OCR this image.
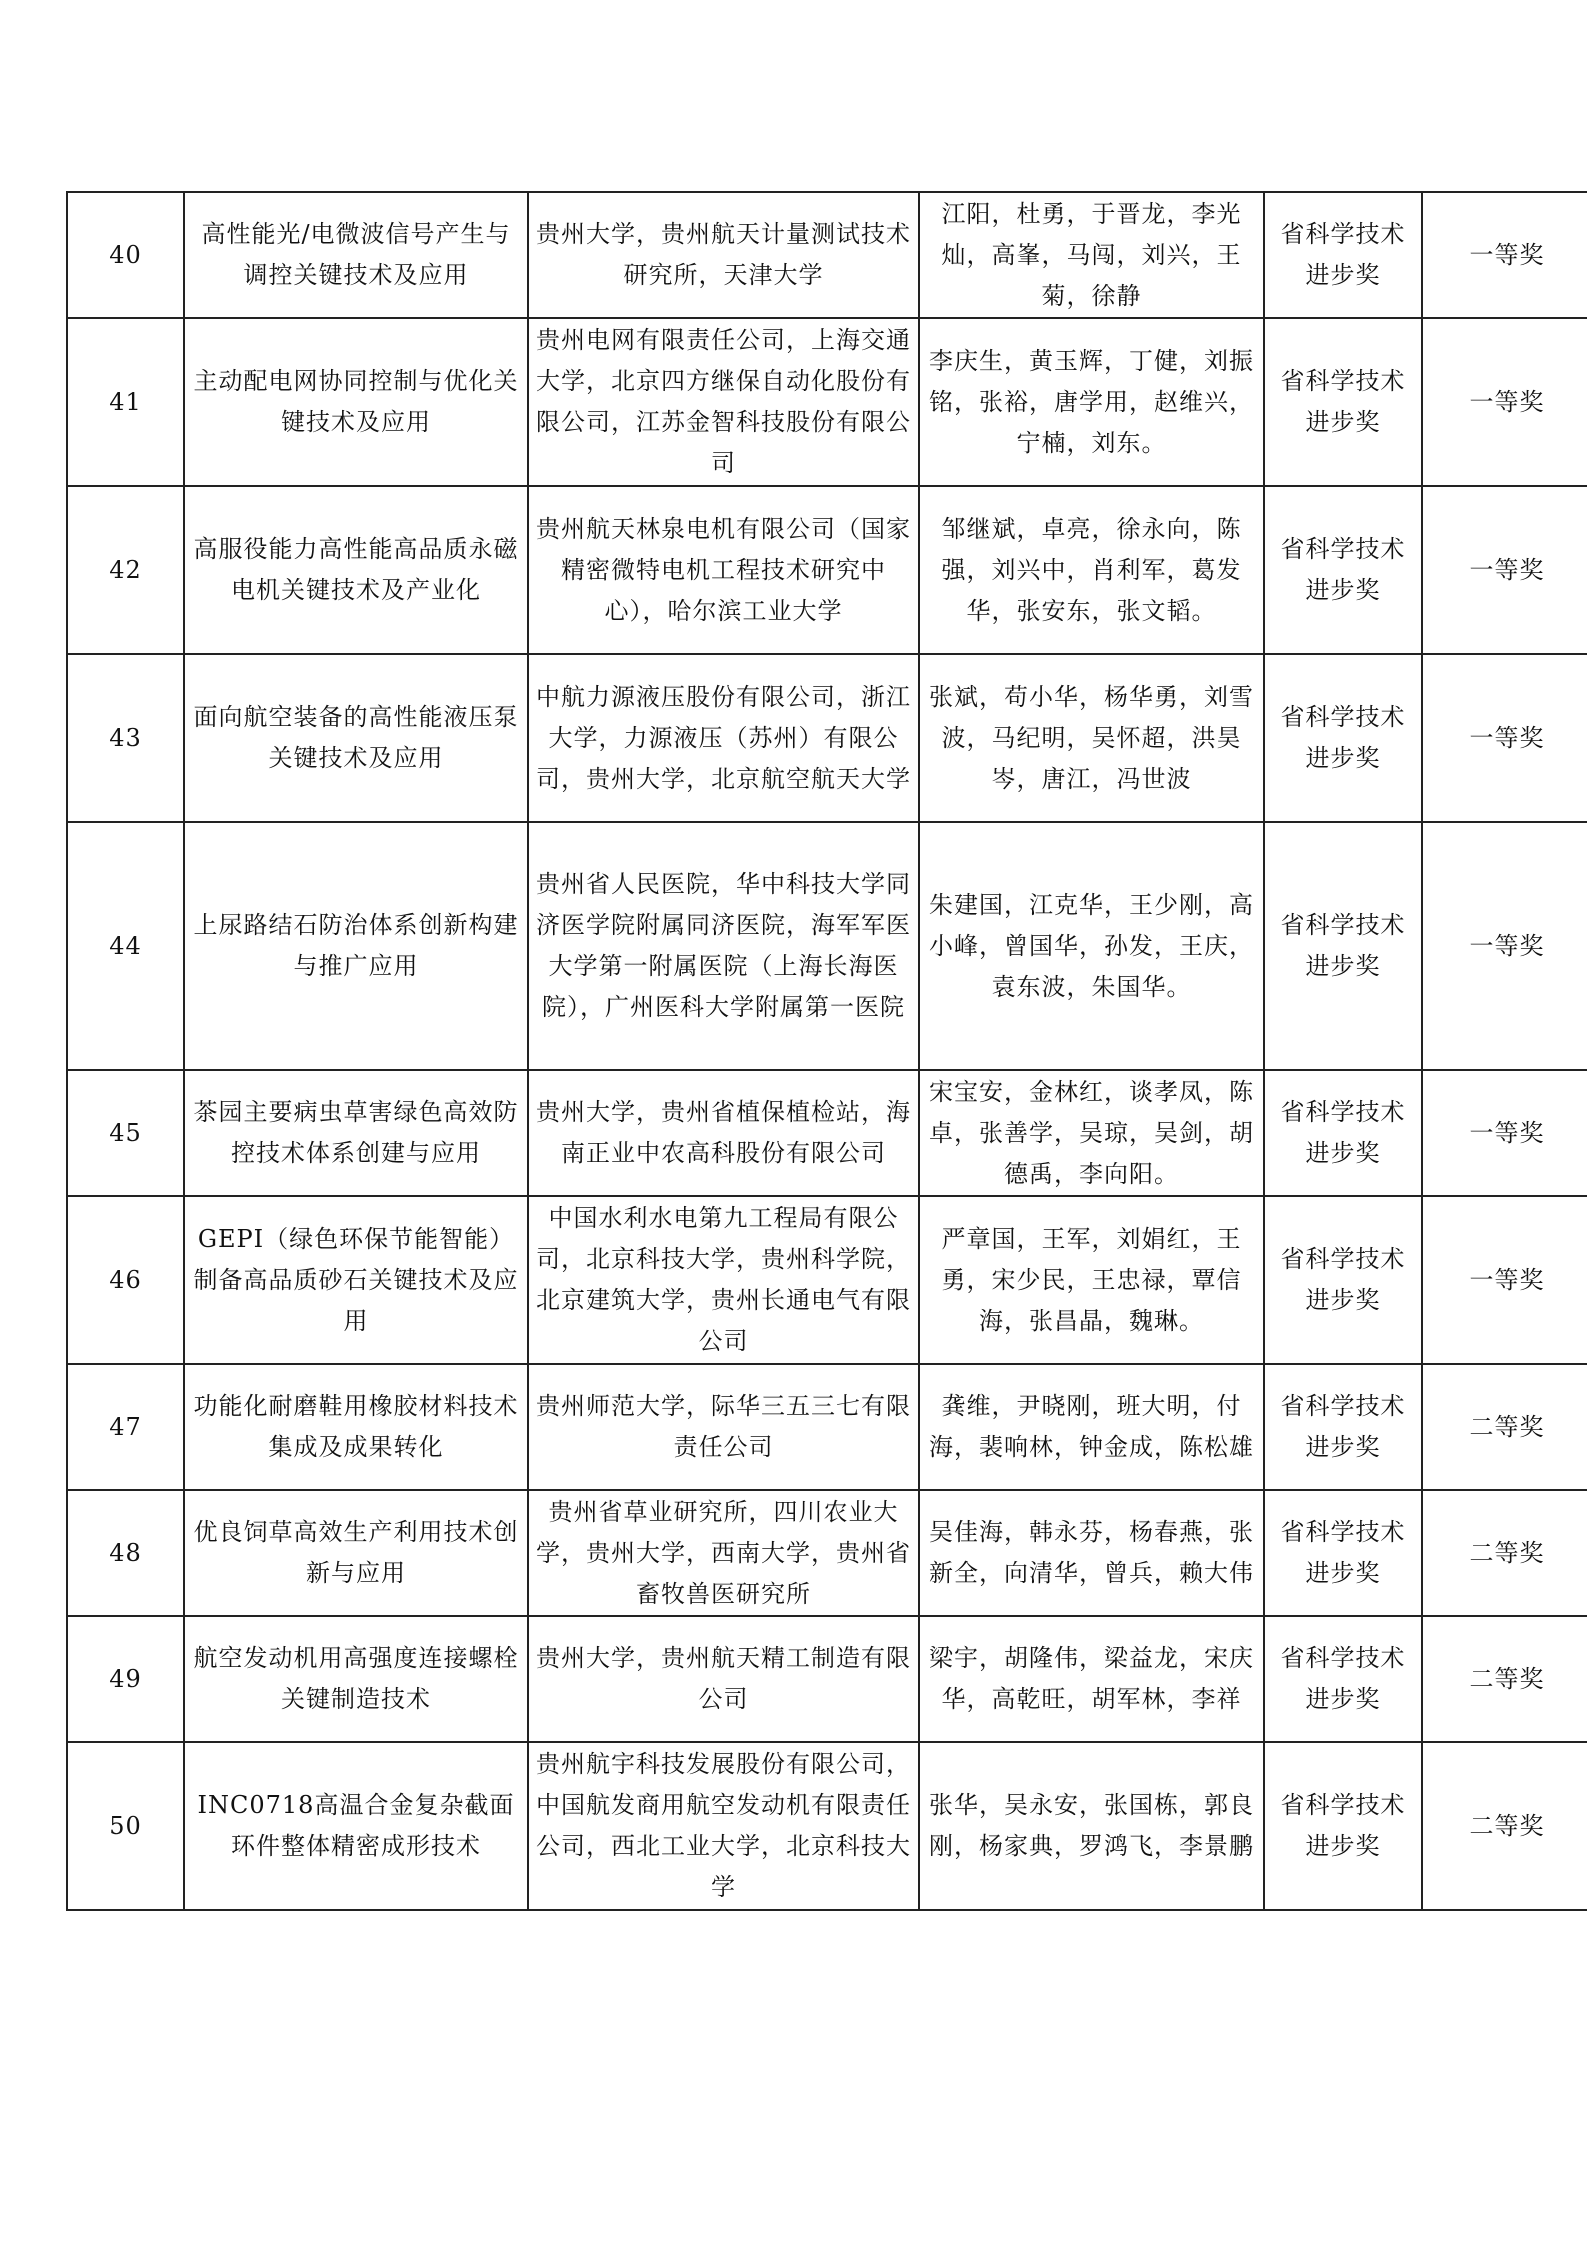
40	高性能光/电微波信号产生与调控关键技术及应用	贵州大学，贵州航天计量测试技术研究所，天津大学	江阳，杜勇，于晋龙，李光灿，高峯，马闯，刘兴，王菊，徐静	省科学技术进步奖	一等奖
41	主动配电网协同控制与优化关键技术及应用	贵州电网有限责任公司，上海交通大学，北京四方继保自动化股份有限公司，江苏金智科技股份有限公司	李庆生，黄玉辉，丁健，刘振铭，张裕，唐学用，赵维兴，宁楠，刘东。	省科学技术进步奖	一等奖
42	高服役能力高性能高品质永磁电机关键技术及产业化	贵州航天林泉电机有限公司（国家精密微特电机工程技术研究中心），哈尔滨工业大学	邹继斌，卓亮，徐永向，陈强，刘兴中，肖利军，葛发华，张安东，张文韬。	省科学技术进步奖	一等奖
43	面向航空装备的高性能液压泵关键技术及应用	中航力源液压股份有限公司，浙江大学，力源液压（苏州）有限公司，贵州大学，北京航空航天大学	张斌，苟小华，杨华勇，刘雪波，马纪明，吴怀超，洪昊岑，唐江，冯世波	省科学技术进步奖	一等奖
44	上尿路结石防治体系创新构建与推广应用	贵州省人民医院，华中科技大学同济医学院附属同济医院，海军军医大学第一附属医院（上海长海医院），广州医科大学附属第一医院	朱建国，江克华，王少刚，高小峰，曾国华，孙发，王庆，袁东波，朱国华。	省科学技术进步奖	一等奖
45	茶园主要病虫草害绿色高效防控技术体系创建与应用	贵州大学，贵州省植保植检站，海南正业中农高科股份有限公司	宋宝安，金林红，谈孝凤，陈卓，张善学，吴琼，吴剑，胡德禹，李向阳。	省科学技术进步奖	一等奖
46	GEPI（绿色环保节能智能）制备高品质砂石关键技术及应用	中国水利水电第九工程局有限公司，北京科技大学，贵州科学院，北京建筑大学，贵州长通电气有限公司	严章国，王军，刘娟红，王勇，宋少民，王忠禄，覃信海，张昌晶，魏琳。	省科学技术进步奖	一等奖
47	功能化耐磨鞋用橡胶材料技术集成及成果转化	贵州师范大学，际华三五三七有限责任公司	龚维，尹晓刚，班大明，付海，裴响林，钟金成，陈松雄	省科学技术进步奖	二等奖
48	优良饲草高效生产利用技术创新与应用	贵州省草业研究所，四川农业大学，贵州大学，西南大学，贵州省畜牧兽医研究所	吴佳海，韩永芬，杨春燕，张新全，向清华，曾兵，赖大伟	省科学技术进步奖	二等奖
49	航空发动机用高强度连接螺栓关键制造技术	贵州大学，贵州航天精工制造有限公司	梁宇，胡隆伟，梁益龙，宋庆华，高乾旺，胡军林，李祥	省科学技术进步奖	二等奖
50	INC0718高温合金复杂截面环件整体精密成形技术	贵州航宇科技发展股份有限公司，中国航发商用航空发动机有限责任公司，西北工业大学，北京科技大学	张华，吴永安，张国栋，郭良刚，杨家典，罗鸿飞，李景鹏	省科学技术进步奖	二等奖
